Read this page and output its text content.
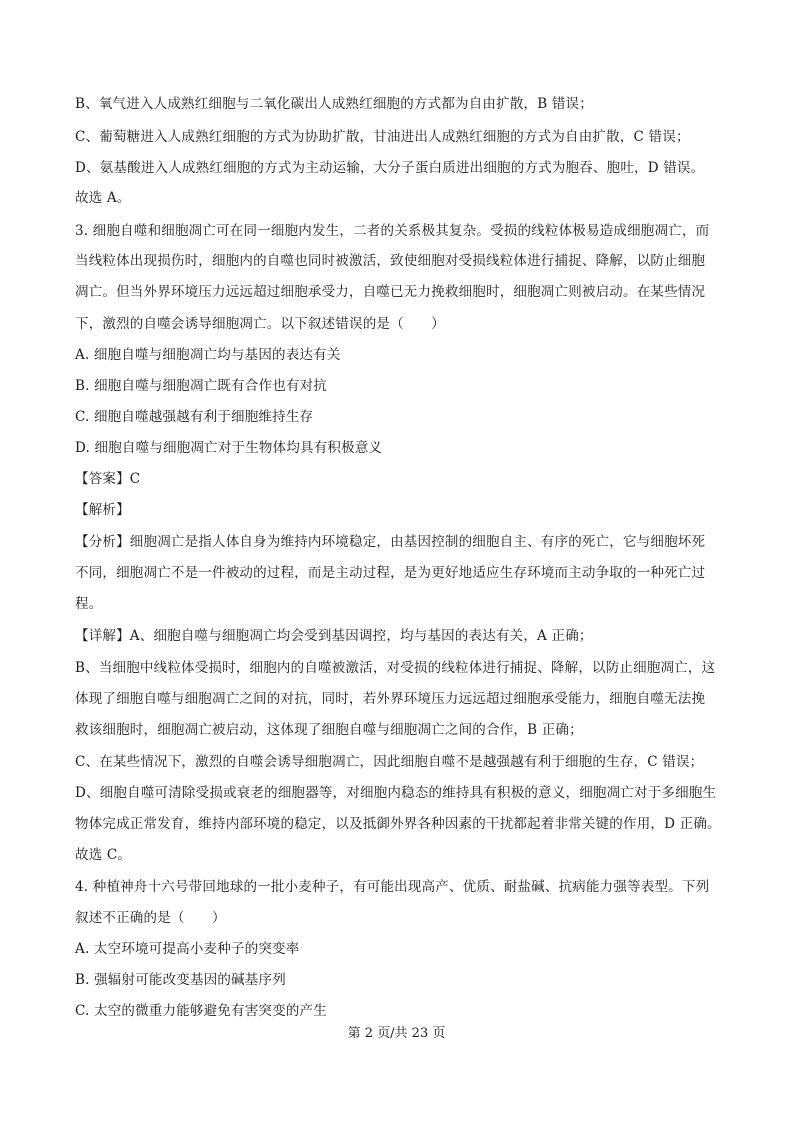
B、氧气进入人成熟红细胞与二氧化碳出人成熟红细胞的方式都为自由扩散，B 错误；
C、葡萄糖进入人成熟红细胞的方式为协助扩散，甘油进出人成熟红细胞的方式为自由扩散，C 错误；
D、氨基酸进入人成熟红细胞的方式为主动运输，大分子蛋白质进出细胞的方式为胞吞、胞吐，D 错误。
故选 A。
3. 细胞自噬和细胞凋亡可在同一细胞内发生，二者的关系极其复杂。受损的线粒体极易造成细胞凋亡，而
当线粒体出现损伤时，细胞内的自噬也同时被激活，致使细胞对受损线粒体进行捕捉、降解，以防止细胞
凋亡。但当外界环境压力远远超过细胞承受力，自噬已无力挽救细胞时，细胞凋亡则被启动。在某些情况
下，激烈的自噬会诱导细胞凋亡。以下叙述错误的是（　　）
A. 细胞自噬与细胞凋亡均与基因的表达有关
B. 细胞自噬与细胞凋亡既有合作也有对抗
C. 细胞自噬越强越有利于细胞维持生存
D. 细胞自噬与细胞凋亡对于生物体均具有积极意义
【答案】C
【解析】
【分析】细胞凋亡是指人体自身为维持内环境稳定，由基因控制的细胞自主、有序的死亡，它与细胞坏死
不同，细胞凋亡不是一件被动的过程，而是主动过程，是为更好地适应生存环境而主动争取的一种死亡过
程。
【详解】A、细胞自噬与细胞凋亡均会受到基因调控，均与基因的表达有关，A 正确；
B、当细胞中线粒体受损时，细胞内的自噬被激活，对受损的线粒体进行捕捉、降解，以防止细胞凋亡，这
体现了细胞自噬与细胞凋亡之间的对抗，同时，若外界环境压力远远超过细胞承受能力，细胞自噬无法挽
救该细胞时，细胞凋亡被启动，这体现了细胞自噬与细胞凋亡之间的合作，B 正确；
C、在某些情况下，激烈的自噬会诱导细胞凋亡，因此细胞自噬不是越强越有利于细胞的生存，C 错误；
D、细胞自噬可清除受损或衰老的细胞器等，对细胞内稳态的维持具有积极的意义，细胞凋亡对于多细胞生
物体完成正常发育，维持内部环境的稳定，以及抵御外界各种因素的干扰都起着非常关键的作用，D 正确。
故选 C。
4. 种植神舟十六号带回地球的一批小麦种子，有可能出现高产、优质、耐盐碱、抗病能力强等表型。下列
叙述不正确的是（　　）
A. 太空环境可提高小麦种子的突变率
B. 强辐射可能改变基因的碱基序列
C. 太空的微重力能够避免有害突变的产生
第 2 页/共 23 页
